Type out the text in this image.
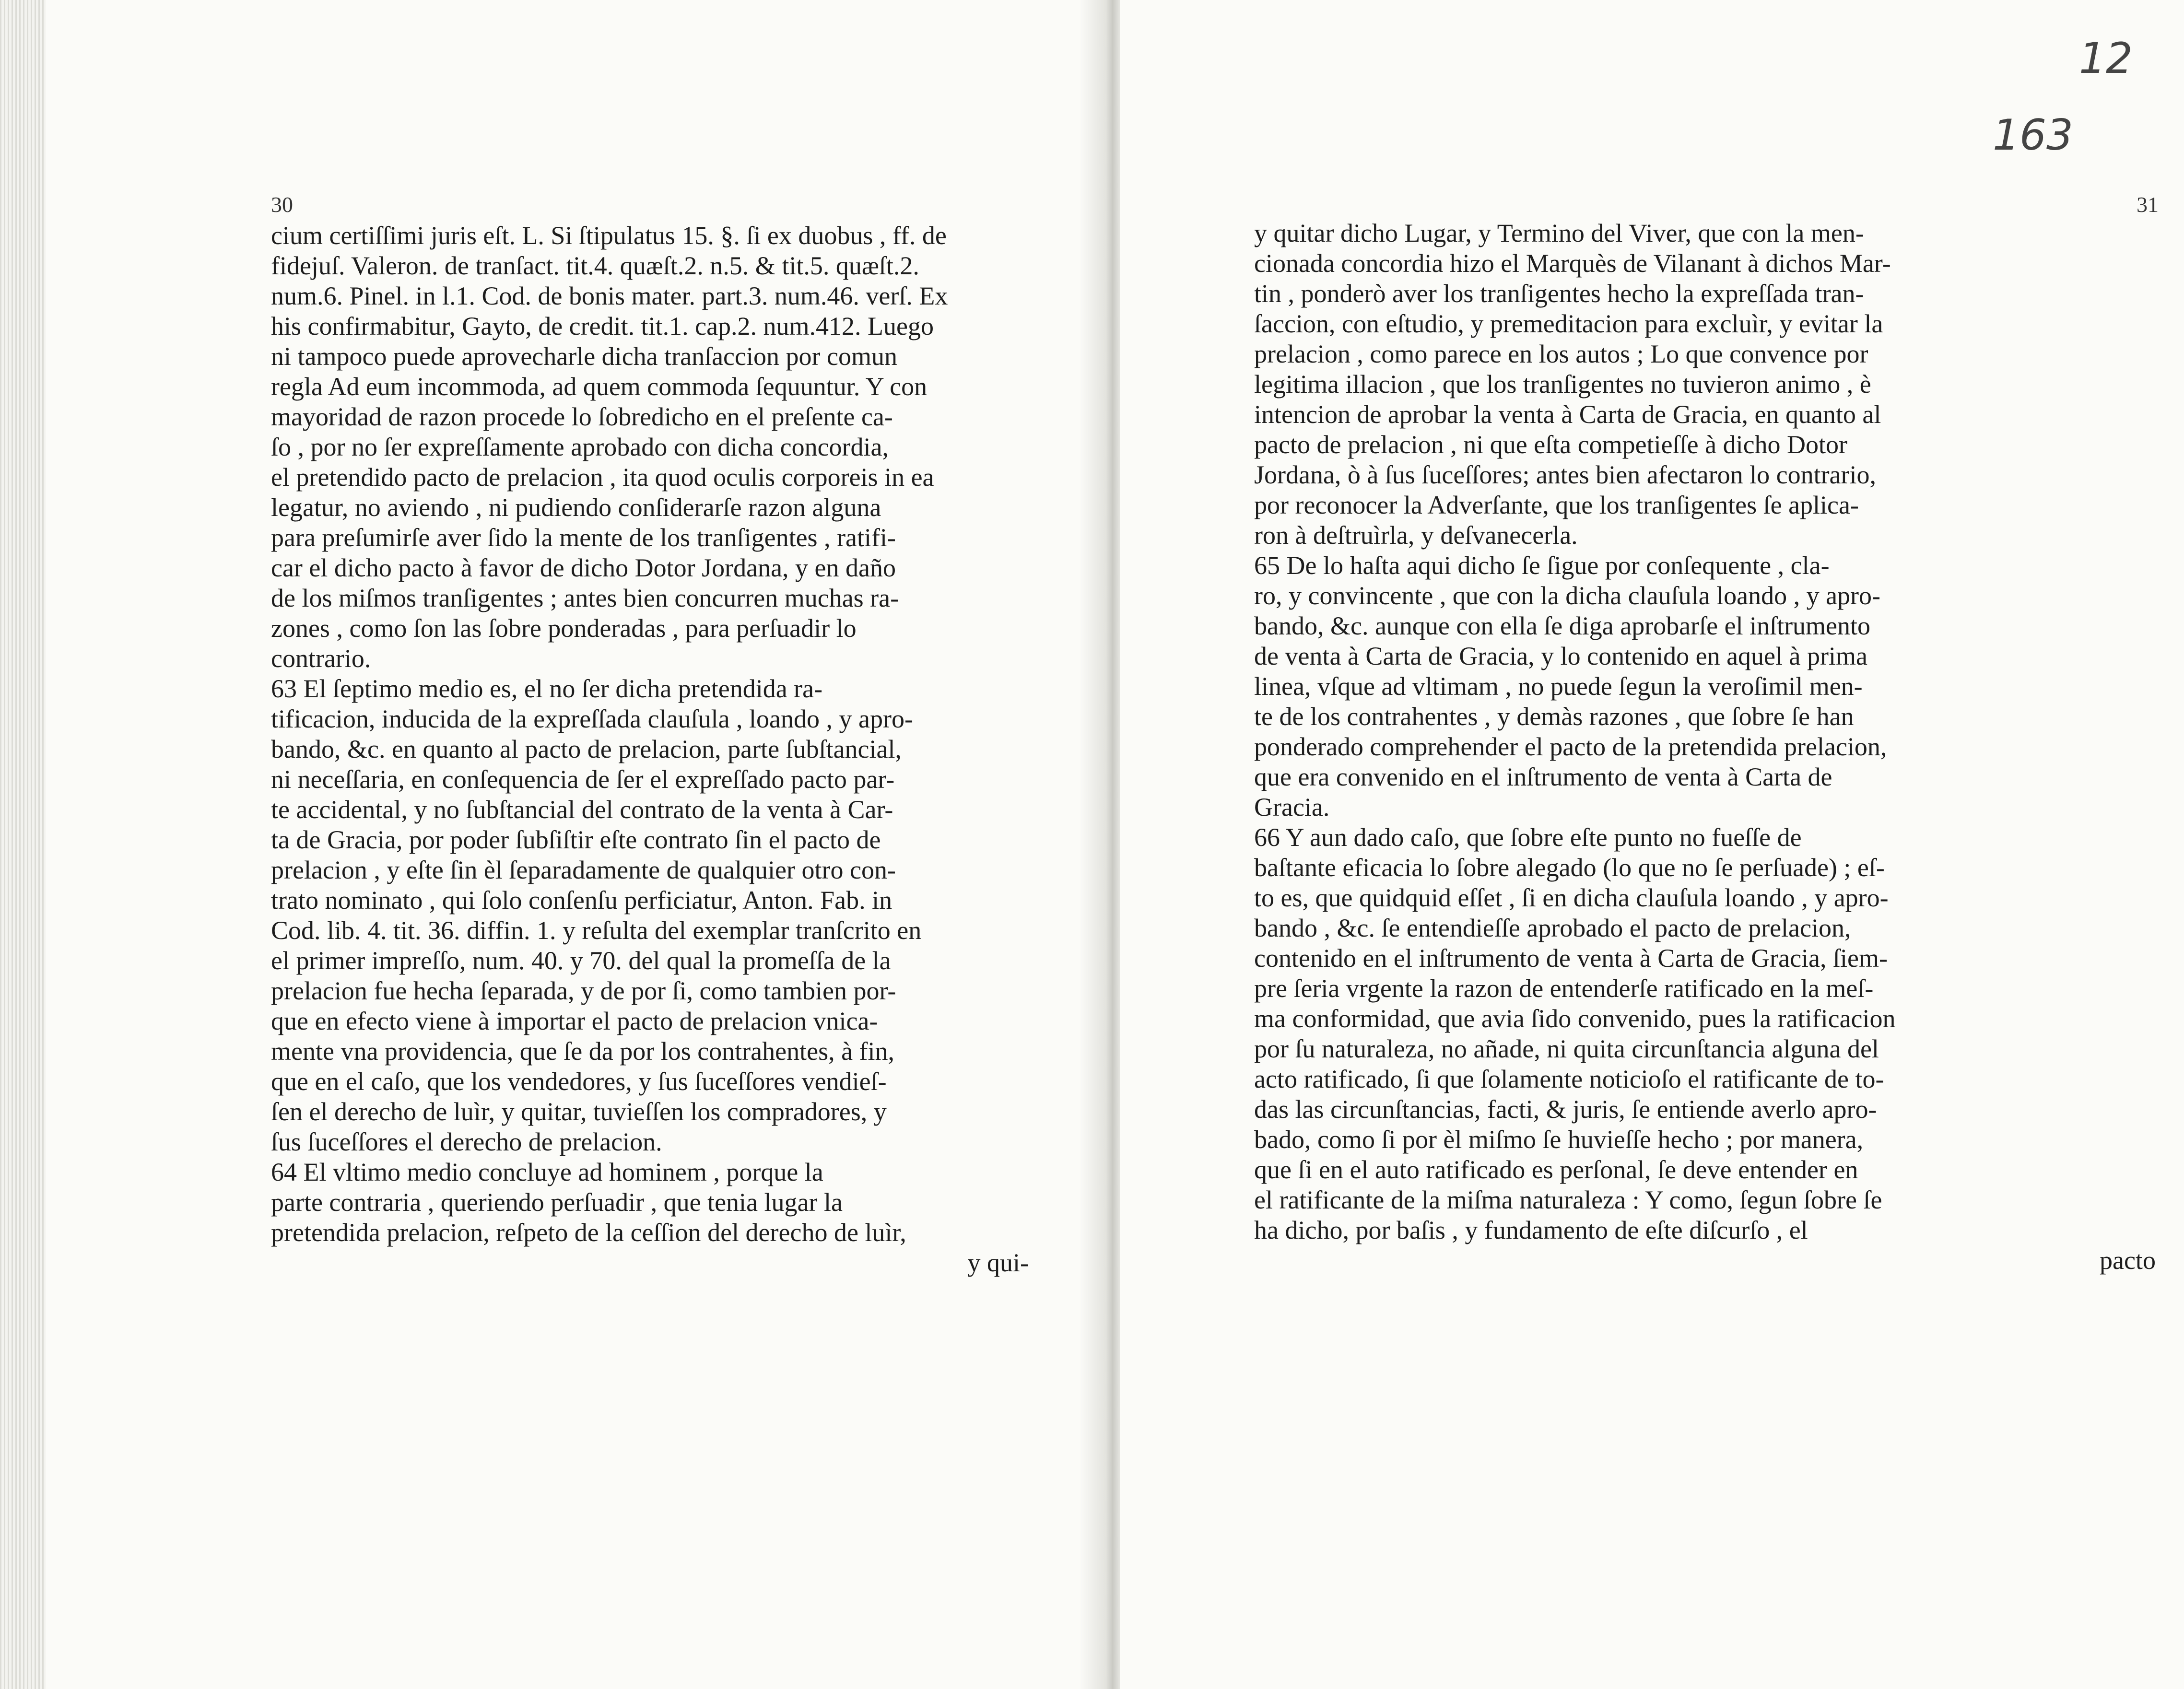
30
cium certiſſimi juris eſt. L. Si ſtipulatus 15. §. ſi ex duobus , ff. de
fidejuſ. Valeron. de tranſact. tit.4. quæſt.2. n.5. & tit.5. quæſt.2.
num.6. Pinel. in l.1. Cod. de bonis mater. part.3. num.46. verſ. Ex
his confirmabitur, Gayto, de credit. tit.1. cap.2. num.412. Luego
ni tampoco puede aprovecharle dicha tranſaccion por comun
regla Ad eum incommoda, ad quem commoda ſequuntur. Y con
mayoridad de razon procede lo ſobredicho en el preſente ca-
ſo , por no ſer expreſſamente aprobado con dicha concordia,
el pretendido pacto de prelacion , ita quod oculis corporeis in ea
legatur, no aviendo , ni pudiendo conſiderarſe razon alguna
para preſumirſe aver ſido la mente de los tranſigentes , ratifi-
car el dicho pacto à favor de dicho Dotor Jordana, y en daño
de los miſmos tranſigentes ; antes bien concurren muchas ra-
zones , como ſon las ſobre ponderadas , para perſuadir lo
contrario.
63 El ſeptimo medio es, el no ſer dicha pretendida ra-
tificacion, inducida de la expreſſada clauſula , loando , y apro-
bando, &c. en quanto al pacto de prelacion, parte ſubſtancial,
ni neceſſaria, en conſequencia de ſer el expreſſado pacto par-
te accidental, y no ſubſtancial del contrato de la venta à Car-
ta de Gracia, por poder ſubſiſtir eſte contrato ſin el pacto de
prelacion , y eſte ſin èl ſeparadamente de qualquier otro con-
trato nominato , qui ſolo conſenſu perficiatur, Anton. Fab. in
Cod. lib. 4. tit. 36. diffin. 1. y reſulta del exemplar tranſcrito en
el primer impreſſo, num. 40. y 70. del qual la promeſſa de la
prelacion fue hecha ſeparada, y de por ſi, como tambien por-
que en efecto viene à importar el pacto de prelacion vnica-
mente vna providencia, que ſe da por los contrahentes, à fin,
que en el caſo, que los vendedores, y ſus ſuceſſores vendieſ-
ſen el derecho de luìr, y quitar, tuvieſſen los compradores, y
ſus ſuceſſores el derecho de prelacion.
64 El vltimo medio concluye ad hominem , porque la
parte contraria , queriendo perſuadir , que tenia lugar la
pretendida prelacion, reſpeto de la ceſſion del derecho de luìr,
y qui-
12
163
31
y quitar dicho Lugar, y Termino del Viver, que con la men-
cionada concordia hizo el Marquès de Vilanant à dichos Mar-
tin , ponderò aver los tranſigentes hecho la expreſſada tran-
ſaccion, con eſtudio, y premeditacion para excluìr, y evitar la
prelacion , como parece en los autos ; Lo que convence por
legitima illacion , que los tranſigentes no tuvieron animo , è
intencion de aprobar la venta à Carta de Gracia, en quanto al
pacto de prelacion , ni que eſta competieſſe à dicho Dotor
Jordana, ò à ſus ſuceſſores; antes bien afectaron lo contrario,
por reconocer la Adverſante, que los tranſigentes ſe aplica-
ron à deſtruìrla, y deſvanecerla.
65 De lo haſta aqui dicho ſe ſigue por conſequente , cla-
ro, y convincente , que con la dicha clauſula loando , y apro-
bando, &c. aunque con ella ſe diga aprobarſe el inſtrumento
de venta à Carta de Gracia, y lo contenido en aquel à prima
linea, vſque ad vltimam , no puede ſegun la veroſimil men-
te de los contrahentes , y demàs razones , que ſobre ſe han
ponderado comprehender el pacto de la pretendida prelacion,
que era convenido en el inſtrumento de venta à Carta de
Gracia.
66 Y aun dado caſo, que ſobre eſte punto no fueſſe de
baſtante eficacia lo ſobre alegado (lo que no ſe perſuade) ; eſ-
to es, que quidquid eſſet , ſi en dicha clauſula loando , y apro-
bando , &c. ſe entendieſſe aprobado el pacto de prelacion,
contenido en el inſtrumento de venta à Carta de Gracia, ſiem-
pre ſeria vrgente la razon de entenderſe ratificado en la meſ-
ma conformidad, que avia ſido convenido, pues la ratificacion
por ſu naturaleza, no añade, ni quita circunſtancia alguna del
acto ratificado, ſi que ſolamente noticioſo el ratificante de to-
das las circunſtancias, facti, & juris, ſe entiende averlo apro-
bado, como ſi por èl miſmo ſe huvieſſe hecho ; por manera,
que ſi en el auto ratificado es perſonal, ſe deve entender en
el ratificante de la miſma naturaleza : Y como, ſegun ſobre ſe
ha dicho, por baſis , y fundamento de eſte diſcurſo , el
pacto
